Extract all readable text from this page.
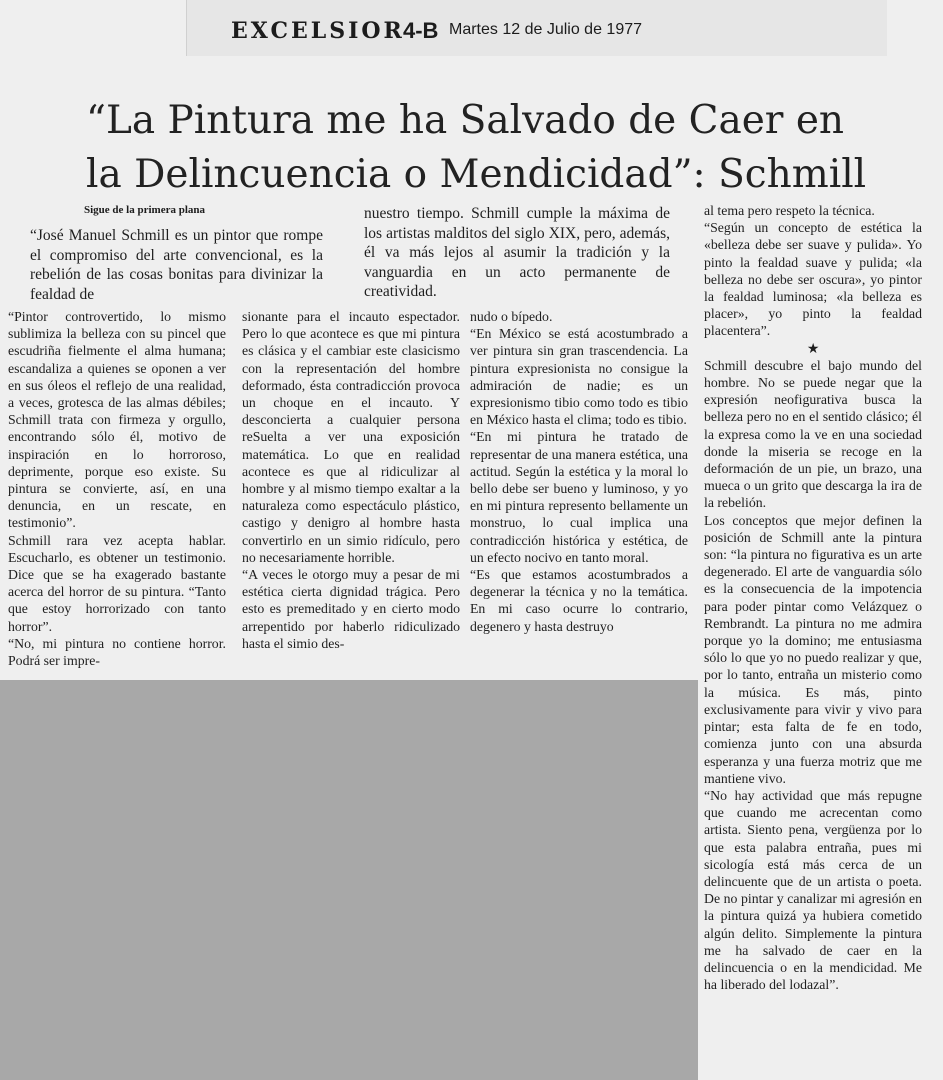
EXCELSIOR
4-B Martes 12 de Julio de 1977
“La Pintura me ha Salvado de Caer en
la Delincuencia o Mendicidad”: Schmill
Sigue de la primera plana

“José Manuel Schmill es un pintor que rompe el compromiso del arte convencional, es la rebelión de las cosas bonitas para divinizar la fealdad de

nuestro tiempo. Schmill cumple la máxima de los artistas malditos del siglo XIX, pero, además, él va más lejos al asumir la tradición y la vanguardia en un acto permanente de creatividad.

“Pintor controvertido, lo mismo sublimiza la belleza con su pincel que escudriña fielmente el alma humana; escandaliza a quienes se oponen a ver en sus óleos el reflejo de una realidad, a veces, grotesca de las almas débiles; Schmill trata con firmeza y orgullo, encontrando sólo él, motivo de inspiración en lo horroroso, deprimente, porque eso existe. Su pintura se convierte, así, en una denuncia, en un rescate, en testimonio”.

Schmill rara vez acepta hablar. Escucharlo, es obtener un testimonio. Dice que se ha exagerado bastante acerca del horror de su pintura. “Tanto que estoy horrorizado con tanto horror”.

“No, mi pintura no contiene horror. Podrá ser impre-

sionante para el incauto espectador. Pero lo que acontece es que mi pintura es clásica y el cambiar este clasicismo con la representación del hombre deformado, ésta contradicción provoca un choque en el incauto. Y desconcierta a cualquier persona reSuelta a ver una exposición matemática. Lo que en realidad acontece es que al ridiculizar al hombre y al mismo tiempo exaltar a la naturaleza como espectáculo plástico, castigo y denigro al hombre hasta convertirlo en un simio ridículo, pero no necesariamente horrible.

“A veces le otorgo muy a pesar de mi estética cierta dignidad trágica. Pero esto es premeditado y en cierto modo arrepentido por haberlo ridiculizado hasta el simio des-

nudo o bípedo.

“En México se está acostumbrado a ver pintura sin gran trascendencia. La pintura expresionista no consigue la admiración de nadie; es un expresionismo tibio como todo es tibio en México hasta el clima; todo es tibio.

“En mi pintura he tratado de representar de una manera estética, una actitud. Según la estética y la moral lo bello debe ser bueno y luminoso, y yo en mi pintura represento bellamente un monstruo, lo cual implica una contradicción histórica y estética, de un efecto nocivo en tanto moral.

“Es que estamos acostumbrados a degenerar la técnica y no la temática. En mi caso ocurre lo contrario, degenero y hasta destruyo

al tema pero respeto la técnica.

“Según un concepto de estética la «belleza debe ser suave y pulida». Yo pinto la fealdad suave y pulida; «la belleza no debe ser oscura», yo pintor la fealdad luminosa; «la belleza es placer», yo pinto la fealdad placentera”.

★

Schmill descubre el bajo mundo del hombre. No se puede negar que la expresión neofigurativa busca la belleza pero no en el sentido clásico; él la expresa como la ve en una sociedad donde la miseria se recoge en la deformación de un pie, un brazo, una mueca o un grito que descarga la ira de la rebelión.

Los conceptos que mejor definen la posición de Schmill ante la pintura son: “la pintura no figurativa es un arte degenerado. El arte de vanguardia sólo es la consecuencia de la impotencia para poder pintar como Velázquez o Rembrandt. La pintura no me admira porque yo la domino; me entusiasma sólo lo que yo no puedo realizar y que, por lo tanto, entraña un misterio como la música. Es más, pinto exclusivamente para vivir y vivo para pintar; esta falta de fe en todo, comienza junto con una absurda esperanza y una fuerza motriz que me mantiene vivo.

“No hay actividad que más repugne que cuando me acrecentan como artista. Siento pena, vergüenza por lo que esta palabra entraña, pues mi sicología está más cerca de un delincuente que de un artista o poeta. De no pintar y canalizar mi agresión en la pintura quizá ya hubiera cometido algún delito. Simplemente la pintura me ha salvado de caer en la delincuencia o en la mendicidad. Me ha liberado del lodazal”.
